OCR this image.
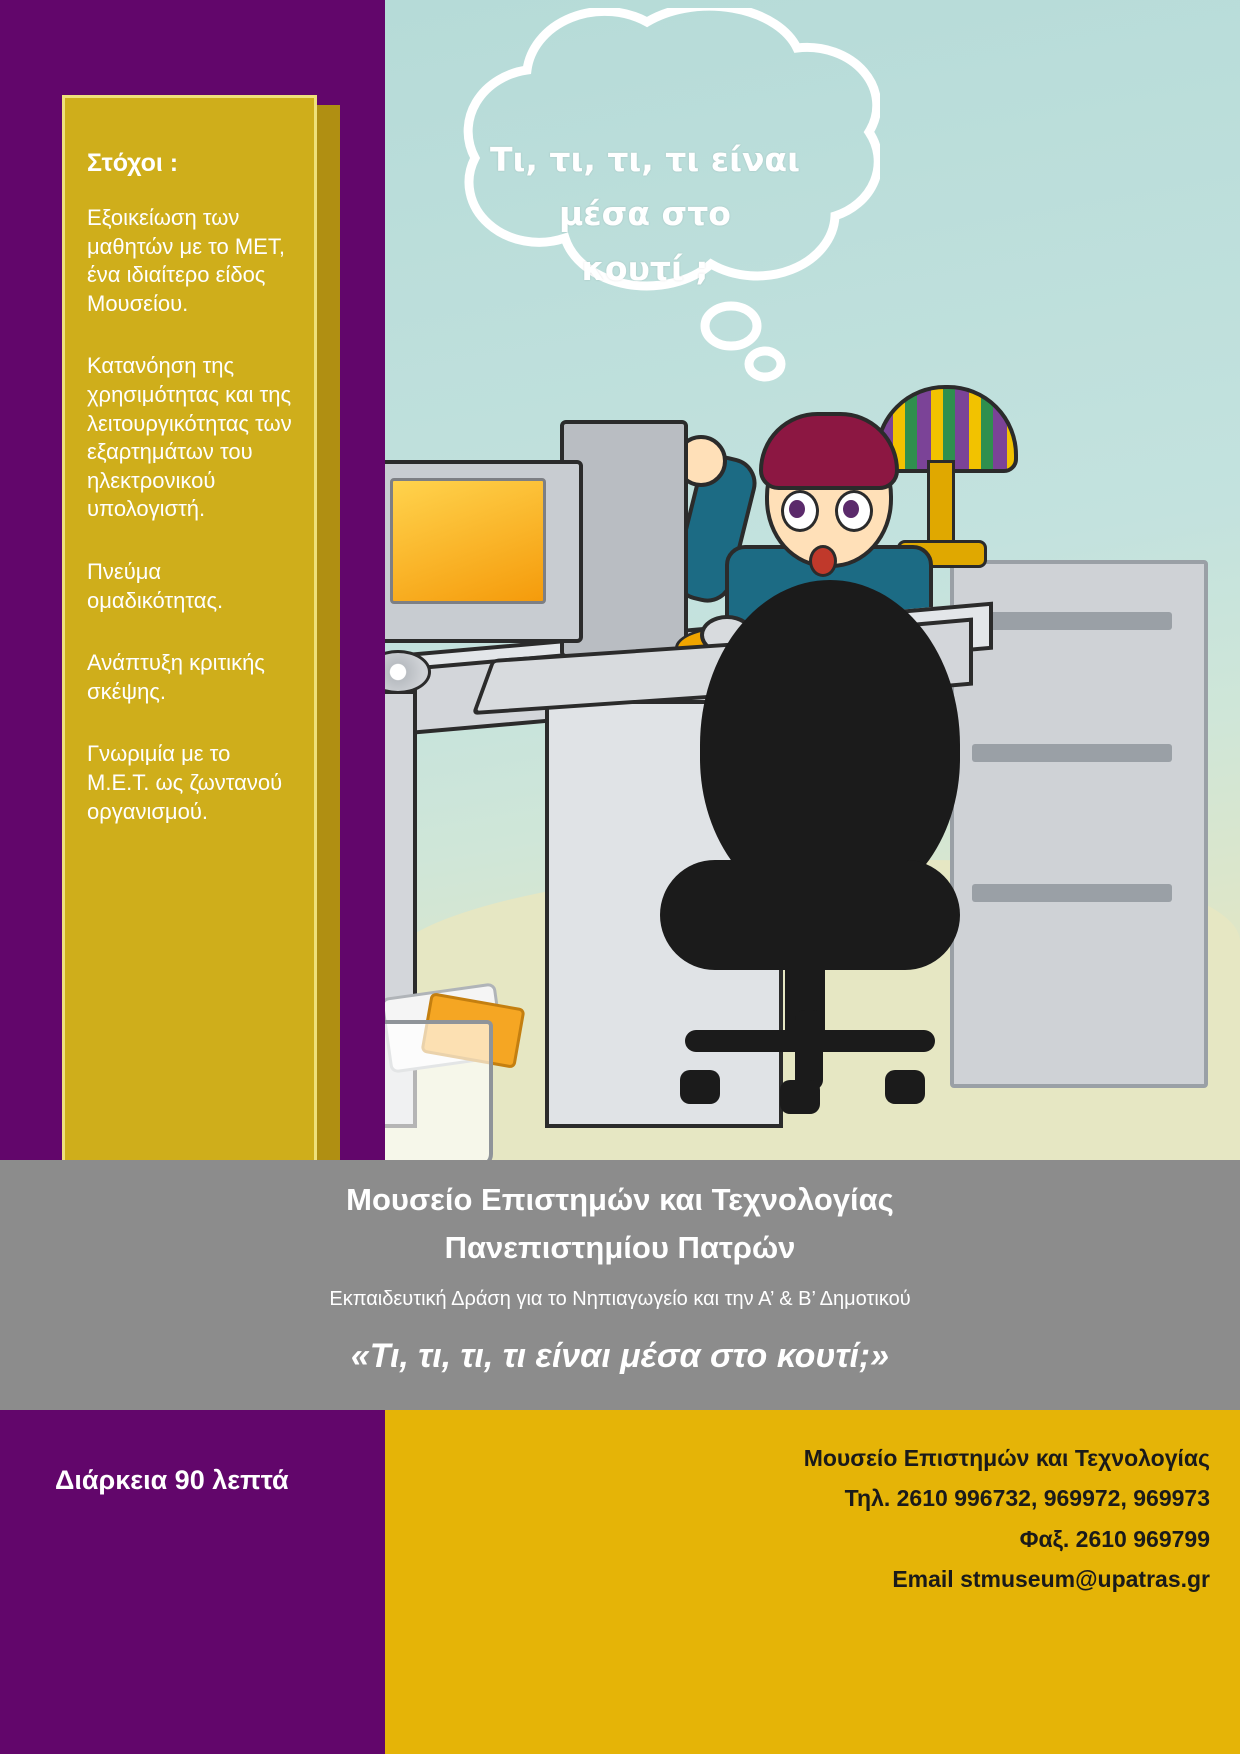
Τι, τι, τι, τι είναι
μέσα στο
κουτί ;

Στόχοι :

Εξοικείωση των μαθητών με το ΜΕΤ, ένα ιδιαίτερο είδος Μουσείου.

Κατανόηση της χρησιμότητας και της λειτουργικότητας των εξαρτημάτων του ηλεκτρονικού υπολογιστή.

Πνεύμα ομαδικότητας.

Ανάπτυξη κριτικής σκέψης.

Γνωριμία με το Μ.Ε.Τ. ως ζωντανού οργανισμού.

Μουσείο Επιστημών και Τεχνολογίας

Πανεπιστημίου Πατρών

Εκπαιδευτική Δράση για το Νηπιαγωγείο και την Α’ & Β’ Δημοτικού

«Τι, τι, τι, τι είναι μέσα στο κουτί;»

Διάρκεια 90 λεπτά
Μουσείο Επιστημών και Τεχνολογίας
Τηλ. 2610 996732, 969972, 969973
Φαξ. 2610 969799
Email stmuseum@upatras.gr
